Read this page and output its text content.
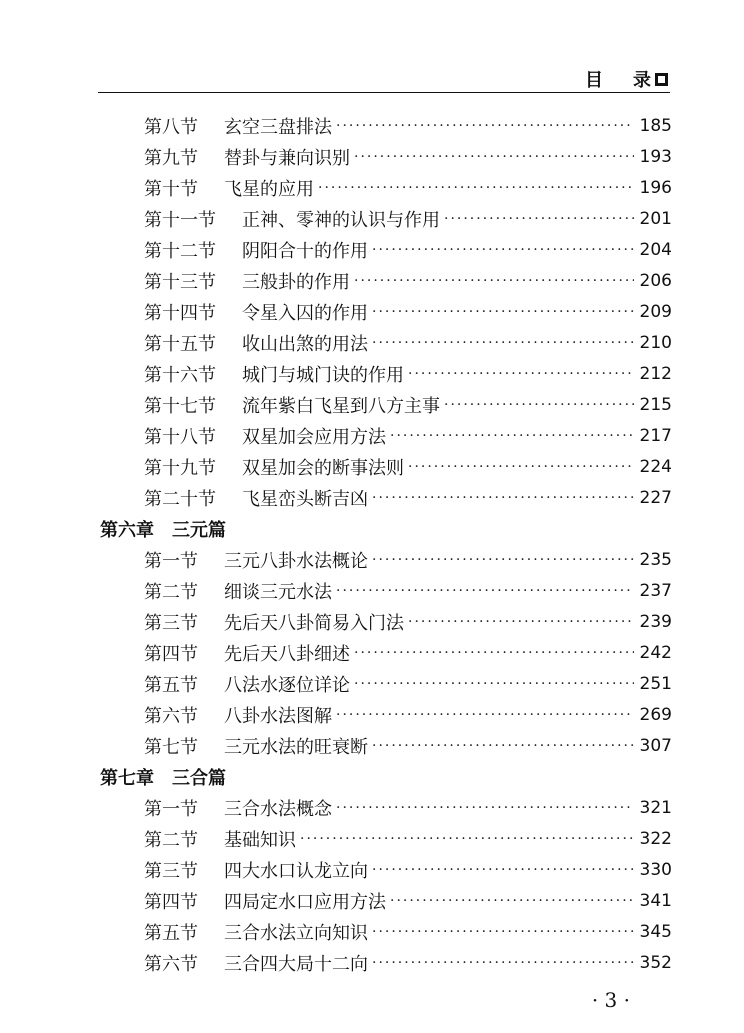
目 录
第八节 玄空三盘排法 ·····	185
第九节 替卦与兼向识别 ·····	193
第十节 飞星的应用 ·····	196
第十一节 正神、零神的认识与作用 ·····	201
第十二节 阴阳合十的作用 ·····	204
第十三节 三般卦的作用 ·····	206
第十四节 令星入囚的作用 ·····	209
第十五节 收山出煞的用法 ·····	210
第十六节 城门与城门诀的作用 ·····	212
第十七节 流年紫白飞星到八方主事 ·····	215
第十八节 双星加会应用方法 ·····	217
第十九节 双星加会的断事法则 ·····	224
第二十节 飞星峦头断吉凶 ·····	227
第六章 三元篇
第一节 三元八卦水法概论 ·····	235
第二节 细谈三元水法 ·····	237
第三节 先后天八卦简易入门法 ·····	239
第四节 先后天八卦细述 ·····	242
第五节 八法水逐位详论 ·····	251
第六节 八卦水法图解 ·····	269
第七节 三元水法的旺衰断 ·····	307
第七章 三合篇
第一节 三合水法概念 ·····	321
第二节 基础知识 ·····	322
第三节 四大水口认龙立向 ·····	330
第四节 四局定水口应用方法 ·····	341
第五节 三合水法立向知识 ·····	345
第六节 三合四大局十二向 ·····	352
· 3 ·
